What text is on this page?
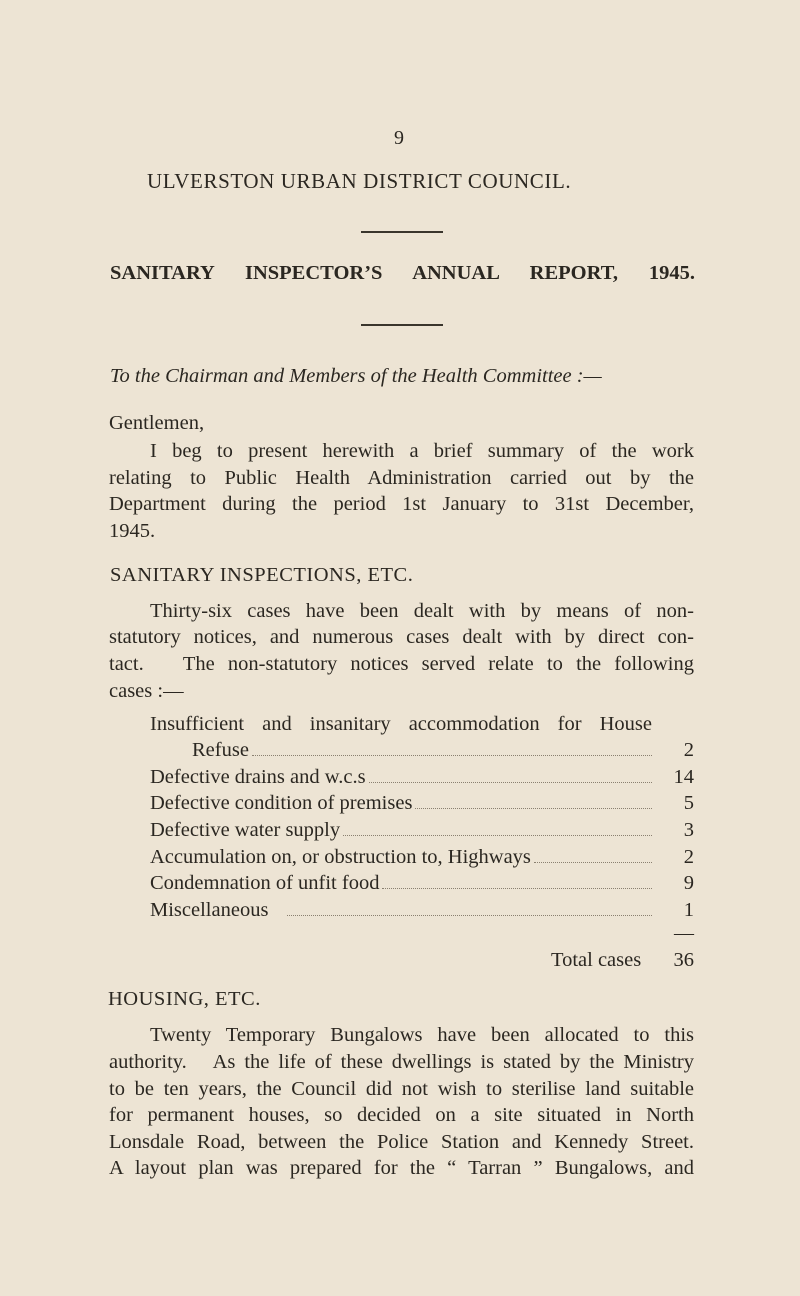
9
ULVERSTON URBAN DISTRICT COUNCIL.
SANITARY INSPECTOR’S ANNUAL REPORT, 1945.
To the Chairman and Members of the Health Committee :—
Gentlemen,
I beg to present herewith a brief summary of the work
relating to Public Health Administration carried out by the
Department during the period 1st January to 31st December,
1945.
SANITARY INSPECTIONS, ETC.
Thirty-six cases have been dealt with by means of non-
statutory notices, and numerous cases dealt with by direct con-
tact.   The non-statutory notices served relate to the following
cases :—
Insufficient and insanitary accommodation for House
Refuse	2
Defective drains and w.c.s	14
Defective condition of premises	5
Defective water supply	3
Accumulation on, or obstruction to, Highways	2
Condemnation of unfit food	9
Miscellaneous	1
—
Total cases	36
HOUSING, ETC.
Twenty Temporary Bungalows have been allocated to this
authority.   As the life of these dwellings is stated by the Ministry
to be ten years, the Council did not wish to sterilise land suitable
for permanent houses, so decided on a site situated in North
Lonsdale Road, between the Police Station and Kennedy Street.
A layout plan was prepared for the “ Tarran ” Bungalows, and
